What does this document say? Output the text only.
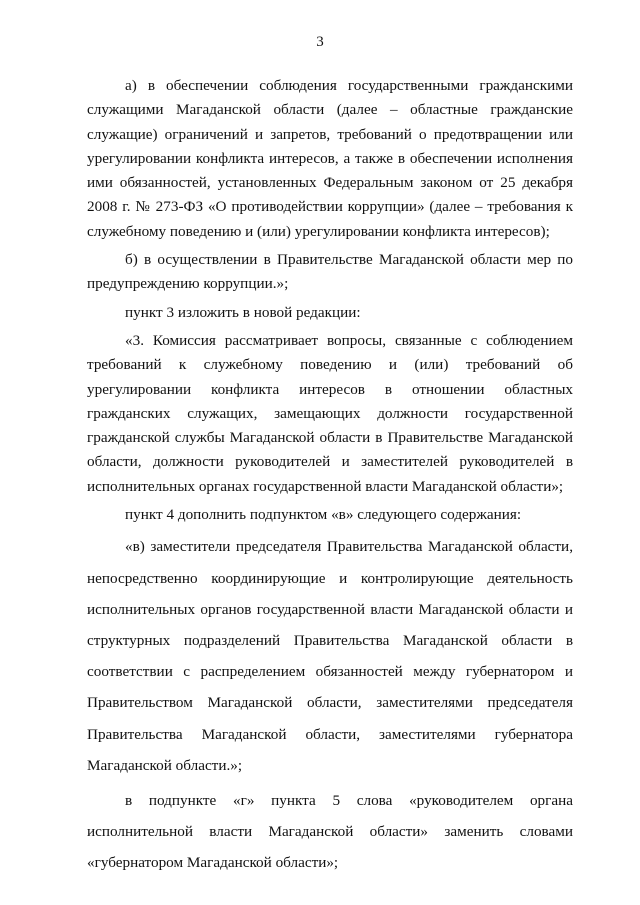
3

а) в обеспечении соблюдения государственными гражданскими служащими Магаданской области (далее – областные гражданские служащие) ограничений и запретов, требований о предотвращении или урегулировании конфликта интересов, а также в обеспечении исполнения ими обязанностей, установленных Федеральным законом от 25 декабря 2008 г. № 273-ФЗ «О противодействии коррупции» (далее – требования к служебному поведению и (или) урегулировании конфликта интересов);

б) в осуществлении в Правительстве Магаданской области мер по предупреждению коррупции.»;

пункт 3 изложить в новой редакции:

«3. Комиссия рассматривает вопросы, связанные с соблюдением требований к служебному поведению и (или) требований об урегулировании конфликта интересов в отношении областных гражданских служащих, замещающих должности государственной гражданской службы Магаданской области в Правительстве Магаданской области, должности руководителей и заместителей руководителей в исполнительных органах государственной власти Магаданской области»;

пункт 4 дополнить подпунктом «в» следующего содержания:

«в) заместители председателя Правительства Магаданской области, непосредственно координирующие и контролирующие деятельность исполнительных органов государственной власти Магаданской области и структурных подразделений Правительства Магаданской области в соответствии с распределением обязанностей между губернатором и Правительством Магаданской области, заместителями председателя Правительства Магаданской области, заместителями губернатора Магаданской области.»;

в подпункте «г» пункта 5 слова «руководителем органа исполнительной власти Магаданской области» заменить словами «губернатором Магаданской области»;
